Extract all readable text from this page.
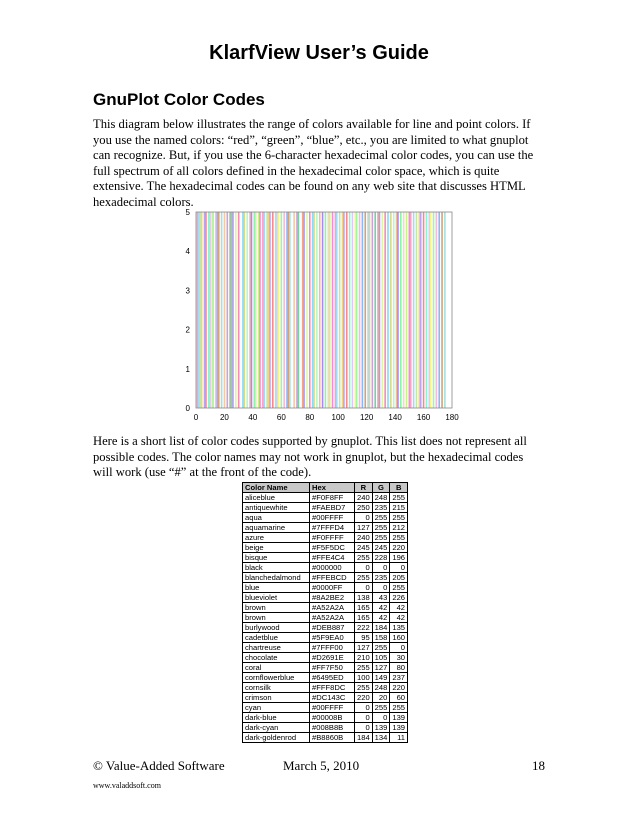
KlarfView User’s Guide
GnuPlot Color Codes
This diagram below illustrates the range of colors available for line and point colors. If you use the named colors: “red”, “green”, “blue”, etc., you are limited to what gnuplot can recognize. But, if you use the 6-character hexadecimal color codes, you can use the full spectrum of all colors defined in the hexadecimal color space, which is quite extensive. The hexadecimal codes can be found on any web site that discusses HTML hexadecimal colors.
0	20 40 60 80 100 120 140 160 180
0
1
2
3
4
5
Here is a short list of color codes supported by gnuplot. This list does not represent all possible codes. The color names may not work in gnuplot, but the hexadecimal codes will work (use “#” at the front of the code).
Color Name	Hex	R	G	B
aliceblue	#F0F8FF	240	248	255
antiquewhite	#FAEBD7	250	235	215
aqua	#00FFFF	0	255	255
aquamarine	#7FFFD4	127	255	212
azure	#F0FFFF	240	255	255
beige	#F5F5DC	245	245	220
bisque	#FFE4C4	255	228	196
black	#000000	0	0	0
blanchedalmond	#FFEBCD	255	235	205
blue	#0000FF	0	0	255
blueviolet	#8A2BE2	138	43	226
brown	#A52A2A	165	42	42
brown	#A52A2A	165	42	42
burlywood	#DEB887	222	184	135
cadetblue	#5F9EA0	95	158	160
chartreuse	#7FFF00	127	255	0
chocolate	#D2691E	210	105	30
coral	#FF7F50	255	127	80
cornflowerblue	#6495ED	100	149	237
cornsilk	#FFF8DC	255	248	220
crimson	#DC143C	220	20	60
cyan	#00FFFF	0	255	255
dark-blue	#00008B	0	0	139
dark-cyan	#008B8B	0	139	139
dark-goldenrod	#B8860B	184	134	11
© Value-Added Software	March 5, 2010	18
www.valaddsoft.com
